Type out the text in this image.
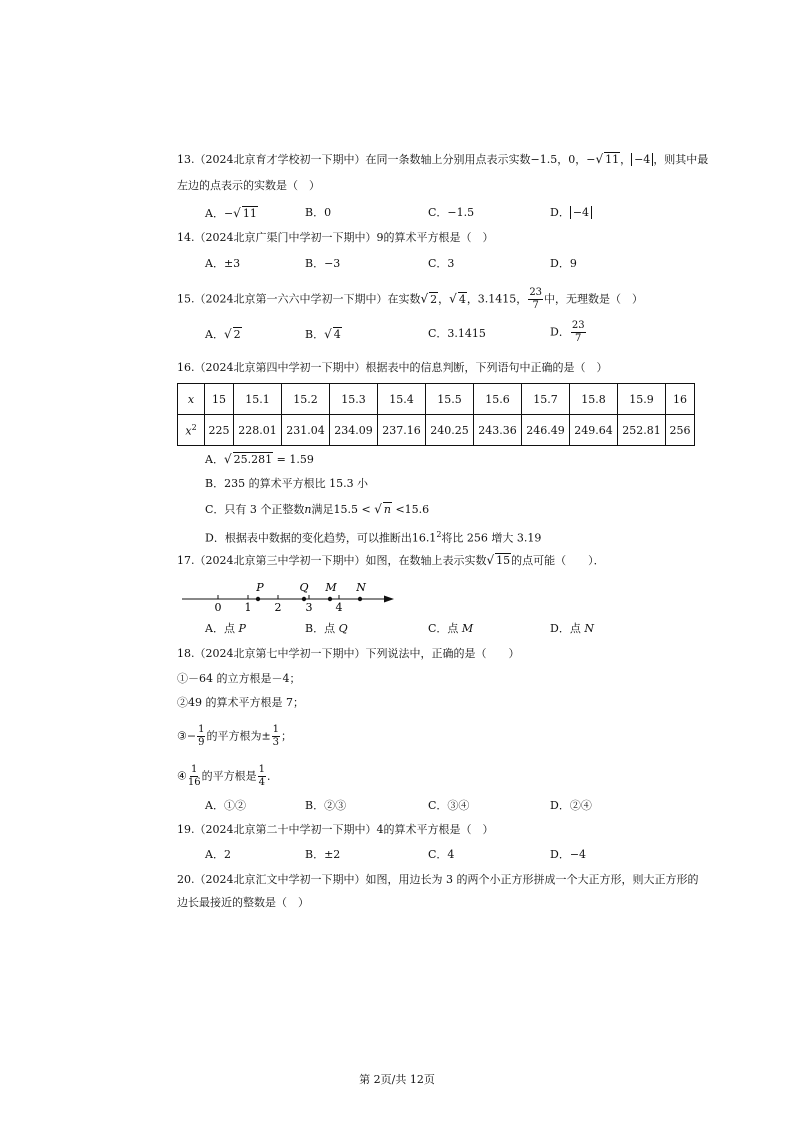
13.（2024北京育才学校初一下期中）在同一条数轴上分别用点表示实数−1.5，0，−√ 11， −4 ，则其中最
左边的点表示的实数是（　）
A．−√ 11	B．0	C．−1.5	D． −4
14.（2024北京广渠门中学初一下期中）9的算术平方根是（　）
A．±3	B．−3	C．3	D．9
15.（2024北京第一六六中学初一下期中）在实数√ 2，√ 4，3.1415， $\frac{23}{7}$ 中，无理数是（　）
A．√ 2	B．√ 4	C．3.1415	D． $\frac{23}{7}$
16.（2024北京第四中学初一下期中）根据表中的信息判断，下列语句中正确的是（　）
x	15	15.1	15.2	15.3	15.4	15.5	15.6	15.7	15.8	15.9	16
$x^2$	225	228.01	231.04	234.09	237.16	240.25	243.36	246.49	249.64	252.81	256
A．√ 25.281 = 1.59
B．235 的算术平方根比 15.3 小
C．只有 3 个正整数n满足15.5 < √ n <15.6
D．根据表中数据的变化趋势，可以推断出16.1$^2$将比 256 增大 3.19
17.（2024北京第三中学初一下期中）如图，在数轴上表示实数√ 15的点可能（　　）．
0 1 2 3 4
P	Q M N
A．点 P	B．点 Q	C．点 M	D．点 N
18.（2024北京第七中学初一下期中）下列说法中，正确的是（　　）
①－64 的立方根是－4；
②49 的算术平方根是 7；
③− $\frac{1}{9}$ 的平方根为± $\frac{1}{3}$ ；
④ $\frac{1}{16}$ 的平方根是 $\frac{1}{4}$ ．
A．①②	B．②③	C．③④	D．②④
19.（2024北京第二十中学初一下期中）4的算术平方根是（　）
A．2	B．±2	C．4	D．−4
20.（2024北京汇文中学初一下期中）如图，用边长为 3 的两个小正方形拼成一个大正方形，则大正方形的
边长最接近的整数是（　）
第 2页/共 12页
